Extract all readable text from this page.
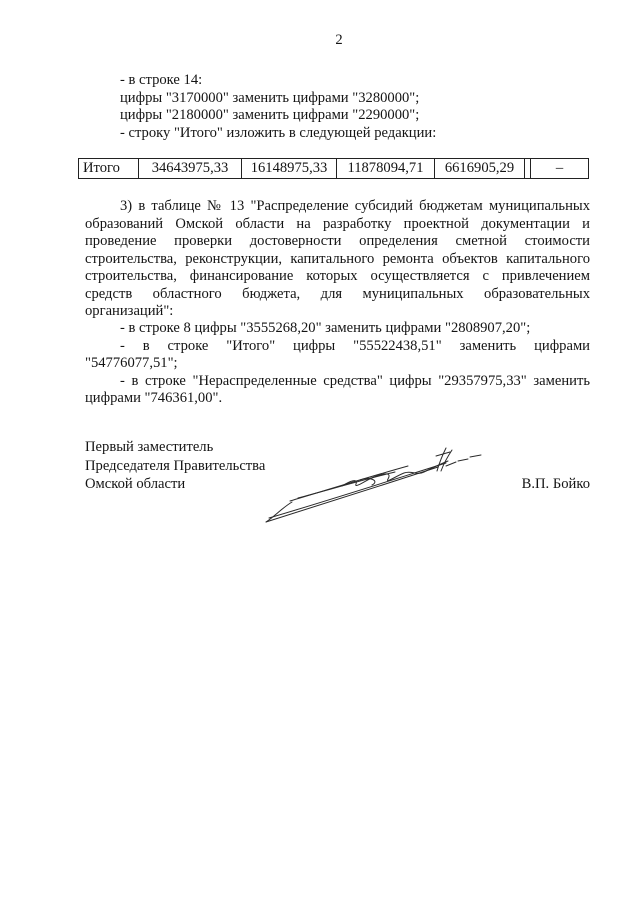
2
- в строке 14:
цифры "3170000" заменить цифрами "3280000";
цифры "2180000" заменить цифрами "2290000";
- строку "Итого" изложить в следующей редакции:
Итого	34643975,33	16148975,33	11878094,71	6616905,29	–
3) в таблице № 13 "Распределение субсидий бюджетам муниципальных
образований Омской области на разработку проектной документации и
проведение проверки достоверности определения сметной стоимости
строительства, реконструкции, капитального ремонта объектов капитального
строительства, финансирование которых осуществляется с привлечением
средств областного бюджета, для муниципальных образовательных
организаций":
- в строке 8 цифры "3555268,20" заменить цифрами "2808907,20";
- в строке "Итого" цифры "55522438,51" заменить цифрами
"54776077,51";
- в строке "Нераспределенные средства" цифры "29357975,33" заменить
цифрами "746361,00".
Первый заместитель
Председателя Правительства
Омской области	В.П. Бойко
